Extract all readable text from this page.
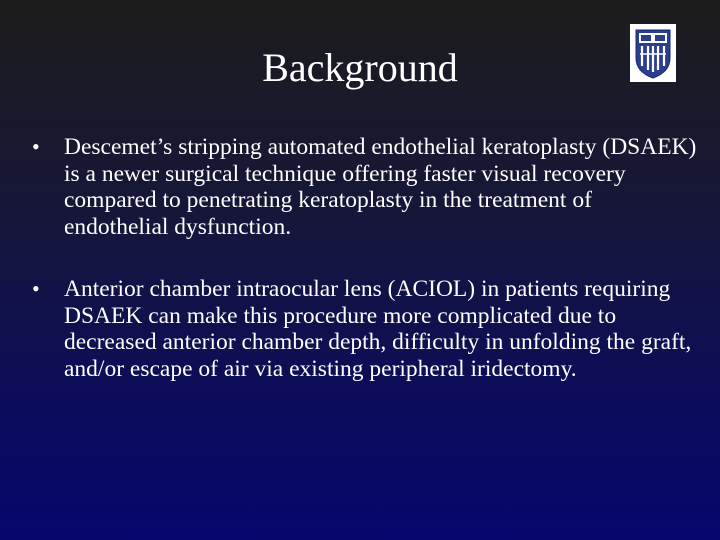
Background
• Descemet’s stripping automated endothelial keratoplasty (DSAEK) is a newer surgical technique offering faster visual recovery compared to penetrating keratoplasty in the treatment of endothelial dysfunction.
• Anterior chamber intraocular lens (ACIOL) in patients requiring DSAEK can make this procedure more complicated due to decreased anterior chamber depth, difficulty in unfolding the graft, and/or escape of air via existing peripheral iridectomy.
